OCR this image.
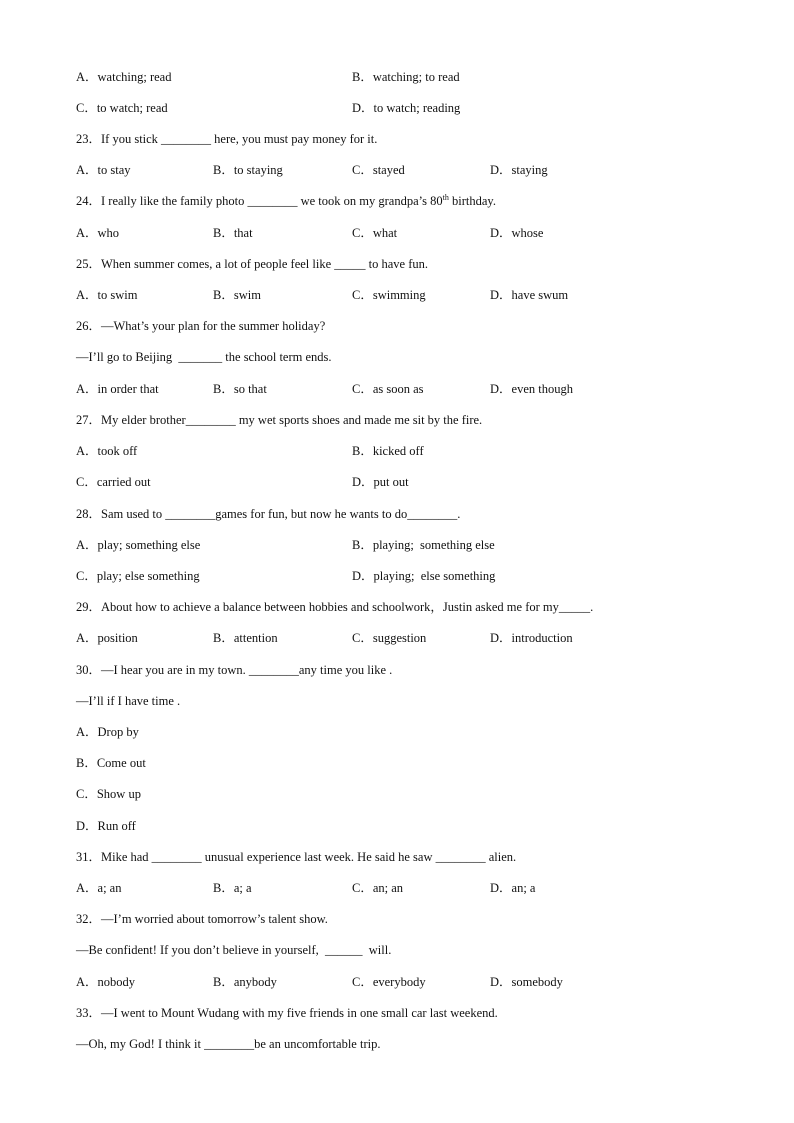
A．watching; read	B．watching; to read
C．to watch; read	D．to watch; reading
23．If you stick ________ here, you must pay money for it.
A．to stay	B．to staying	C．stayed	D．staying
24．I really like the family photo ________ we took on my grandpa’s 80th birthday.
A．who	B．that	C．what	D．whose
25．When summer comes, a lot of people feel like _____ to have fun.
A．to swim	B．swim	C．swimming	D．have swum
26．—What’s your plan for the summer holiday?
—I’ll go to Beijing  _______ the school term ends.
A．in order that	B．so that	C．as soon as	D．even though
27．My elder brother________ my wet sports shoes and made me sit by the fire.
A．took off	B．kicked off
C．carried out	D．put out
28．Sam used to ________games for fun, but now he wants to do________.
A．play; something else	B．playing;  something else
C．play; else something	D．playing;  else something
29．About how to achieve a balance between hobbies and schoolwork，Justin asked me for my_____.
A．position	B．attention	C．suggestion	D．introduction
30．—I hear you are in my town. ________any time you like .
—I’ll if I have time .
A．Drop by
B．Come out
C．Show up
D．Run off
31．Mike had ________ unusual experience last week. He said he saw ________ alien.
A．a; an	B．a; a	C．an; an	D．an; a
32．—I’m worried about tomorrow’s talent show.
—Be confident! If you don’t believe in yourself,  ______  will.
A．nobody	B．anybody	C．everybody	D．somebody
33．—I went to Mount Wudang with my five friends in one small car last weekend.
—Oh, my God! I think it ________be an uncomfortable trip.
